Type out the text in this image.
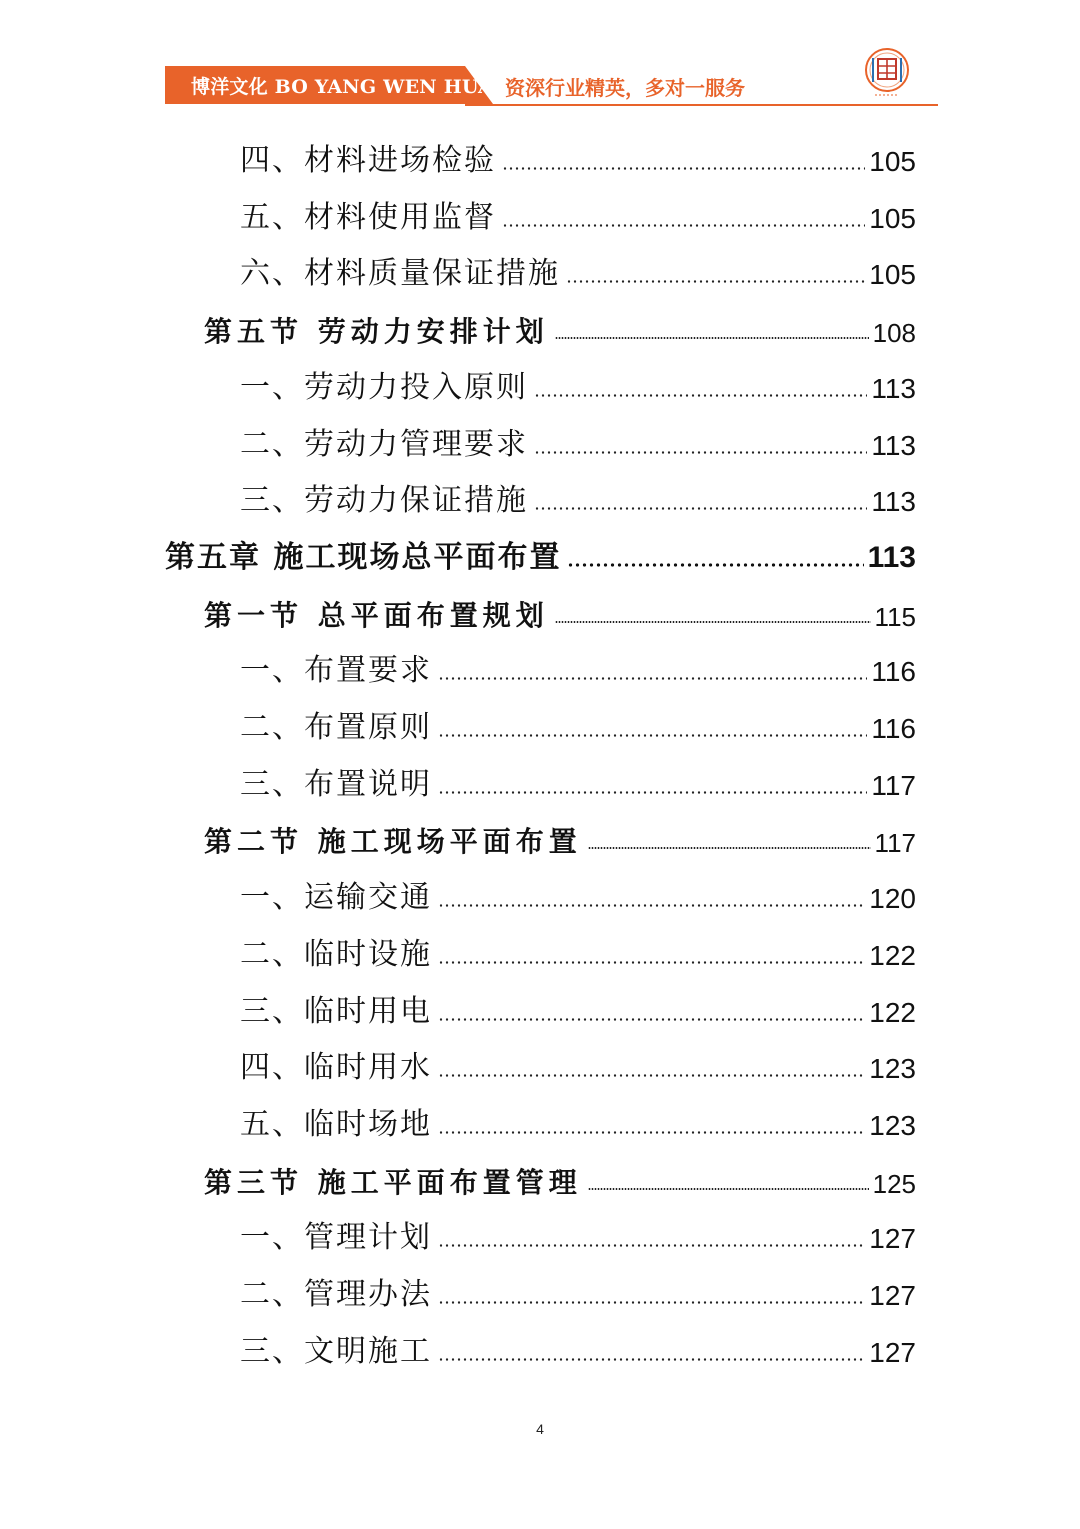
博洋文化 BO YANG WEN HUA 资深行业精英，多对一服务
四、材料进场检验	105
五、材料使用监督	105
六、材料质量保证措施	105
第五节 劳动力安排计划	108
一、劳动力投入原则	113
二、劳动力管理要求	113
三、劳动力保证措施	113
第五章 施工现场总平面布置	113
第一节 总平面布置规划	115
一、布置要求	116
二、布置原则	116
三、布置说明	117
第二节 施工现场平面布置	117
一、运输交通	120
二、临时设施	122
三、临时用电	122
四、临时用水	123
五、临时场地	123
第三节 施工平面布置管理	125
一、管理计划	127
二、管理办法	127
三、文明施工	127
4
